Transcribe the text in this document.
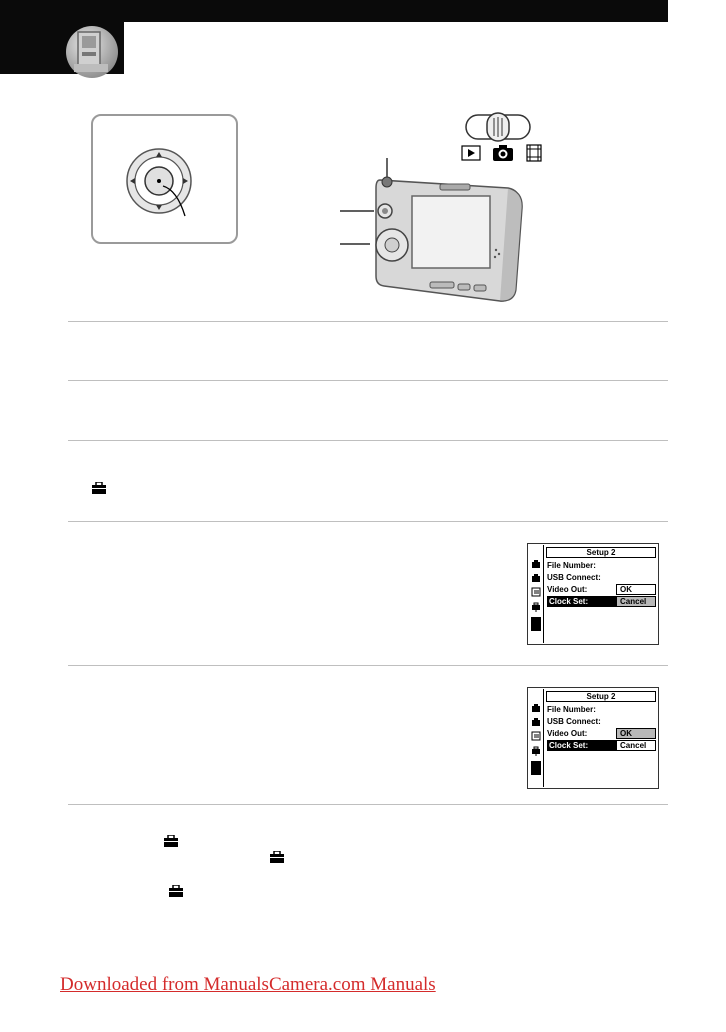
Setup 2
File Number:
USB Connect:
Video Out:
Clock Set:	◀
OK
Cancel
Setup 2
File Number:
USB Connect:
Video Out:
Clock Set:	◀
OK
Cancel
Downloaded from ManualsCamera.com Manuals
